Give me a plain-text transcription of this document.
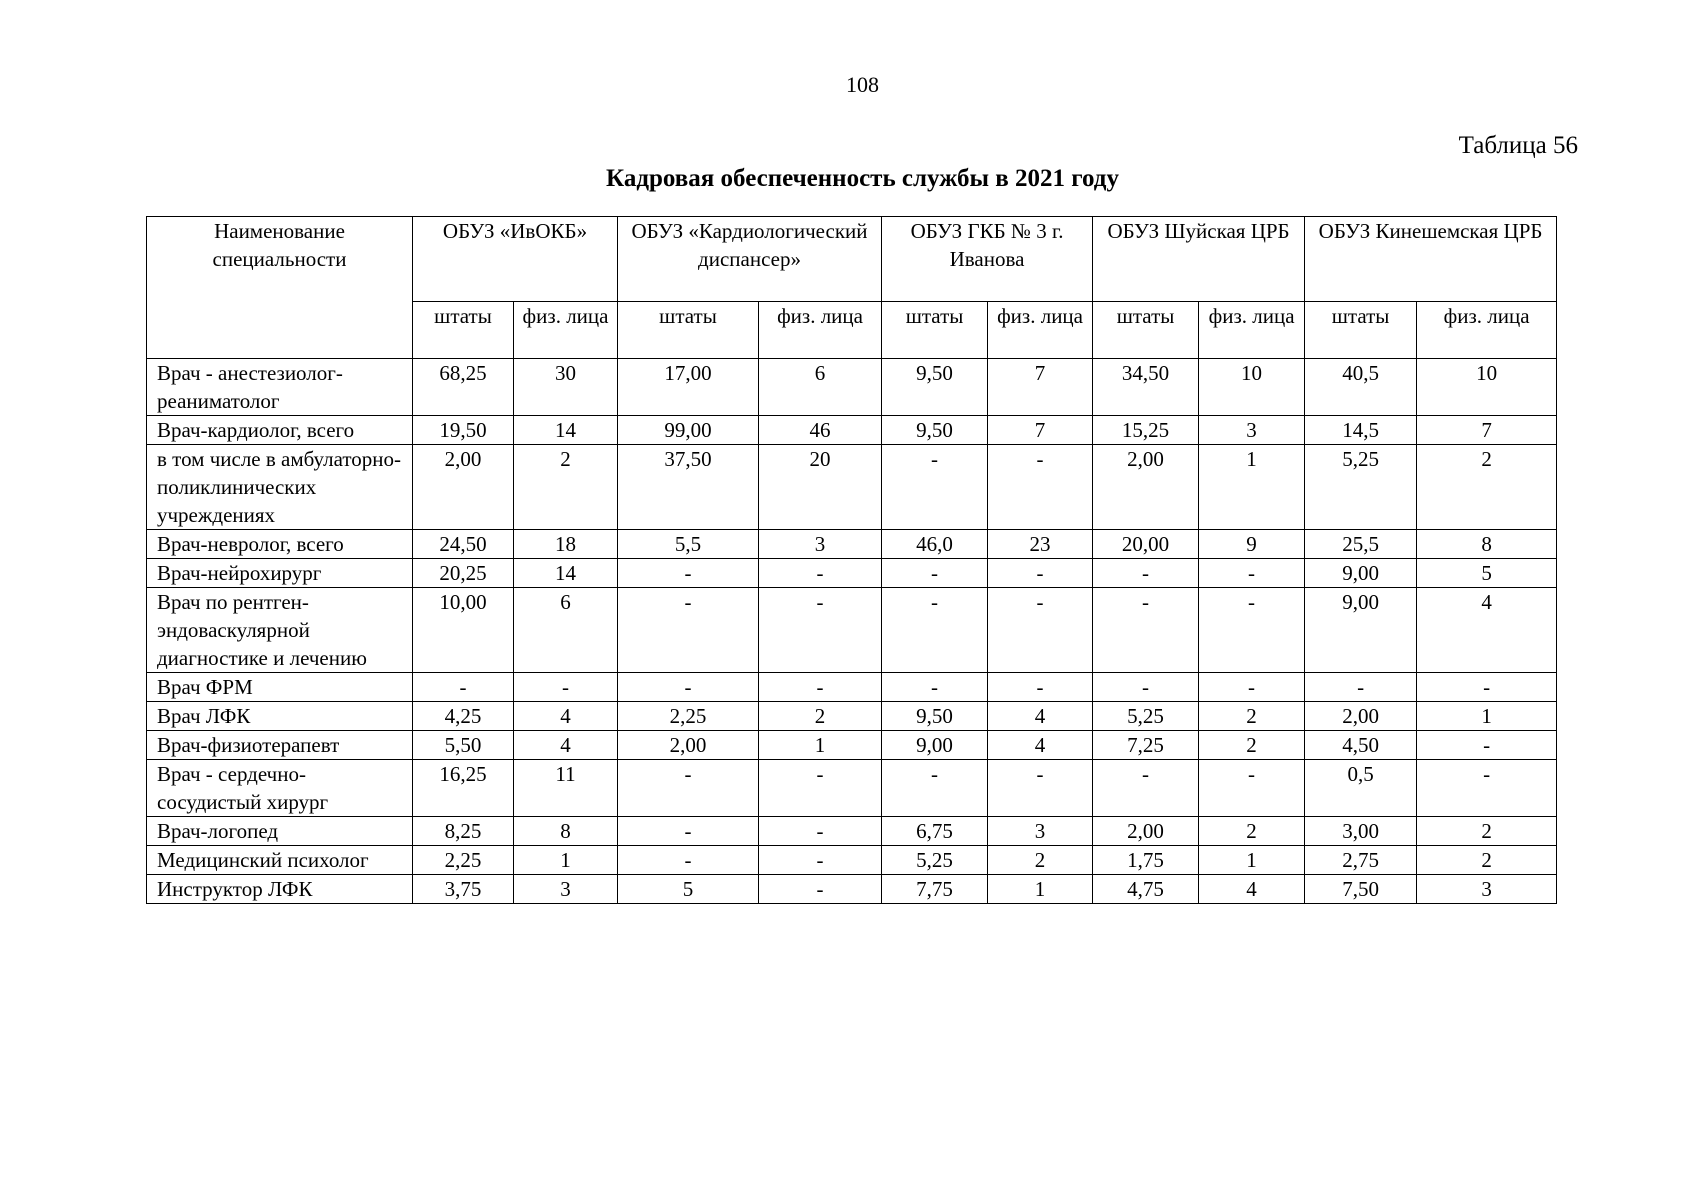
108
Таблица 56
Кадровая обеспеченность службы в 2021 году
Наименование специальности	ОБУЗ «ИвОКБ»		ОБУЗ «Кардиологический диспансер»		ОБУЗ ГКБ № 3 г. Иванова		ОБУЗ Шуйская ЦРБ		ОБУЗ Кинешемская ЦРБ	
	штаты	физ. лица	штаты	физ. лица	штаты	физ. лица	штаты	физ. лица	штаты	физ. лица
Врач - анестезиолог-реаниматолог	68,25	30	17,00	6	9,50	7	34,50	10	40,5	10
Врач-кардиолог, всего	19,50	14	99,00	46	9,50	7	15,25	3	14,5	7
в том числе в амбулаторно-поликлинических учреждениях	2,00	2	37,50	20	-	-	2,00	1	5,25	2
Врач-невролог, всего	24,50	18	5,5	3	46,0	23	20,00	9	25,5	8
Врач-нейрохирург	20,25	14	-	-	-	-	-	-	9,00	5
Врач по рентген-эндоваскулярной диагностике и лечению	10,00	6	-	-	-	-	-	-	9,00	4
Врач ФРМ	-	-	-	-	-	-	-	-	-	-
Врач ЛФК	4,25	4	2,25	2	9,50	4	5,25	2	2,00	1
Врач-физиотерапевт	5,50	4	2,00	1	9,00	4	7,25	2	4,50	-
Врач - сердечно-сосудистый хирург	16,25	11	-	-	-	-	-	-	0,5	-
Врач-логопед	8,25	8	-	-	6,75	3	2,00	2	3,00	2
Медицинский психолог	2,25	1	-	-	5,25	2	1,75	1	2,75	2
Инструктор ЛФК	3,75	3	5	-	7,75	1	4,75	4	7,50	3
